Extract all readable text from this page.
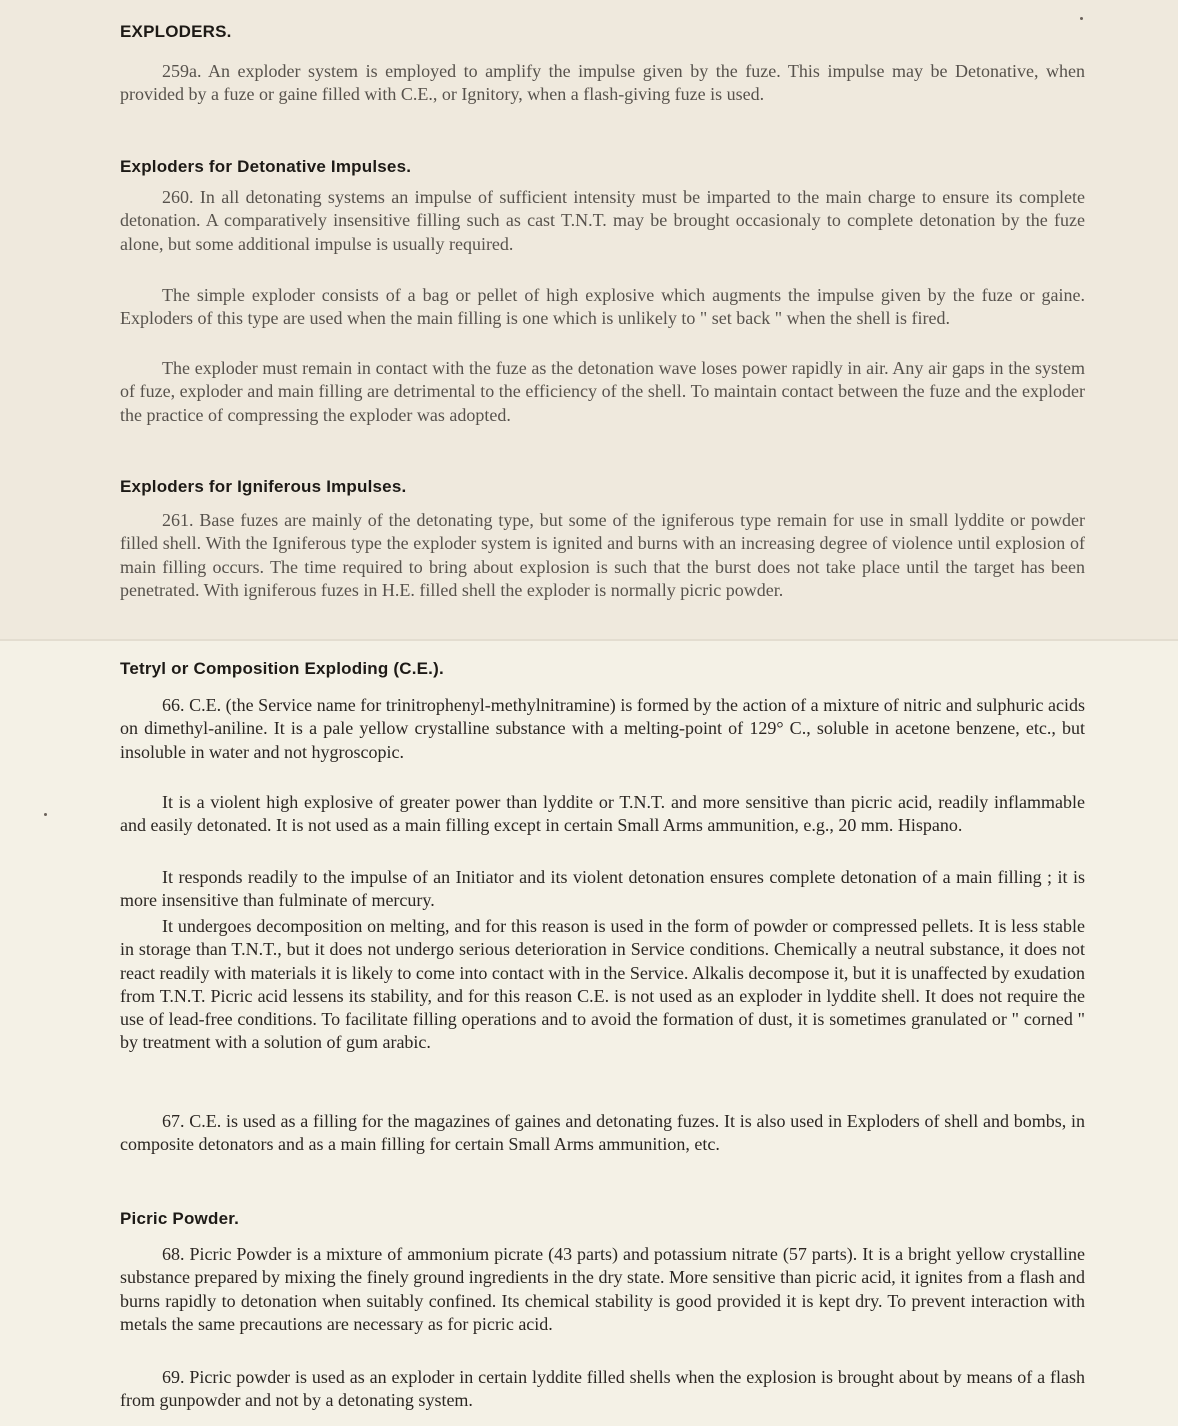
EXPLODERS.

259a. An exploder system is employed to amplify the impulse given by the fuze. This impulse may be Detonative, when provided by a fuze or gaine filled with C.E., or Ignitory, when a flash-giving fuze is used.

Exploders for Detonative Impulses.

260. In all detonating systems an impulse of sufficient intensity must be imparted to the main charge to ensure its complete detonation. A comparatively insensitive filling such as cast T.N.T. may be brought occasionaly to complete detonation by the fuze alone, but some additional impulse is usually required.

The simple exploder consists of a bag or pellet of high explosive which augments the impulse given by the fuze or gaine. Exploders of this type are used when the main filling is one which is unlikely to " set back " when the shell is fired.

The exploder must remain in contact with the fuze as the detonation wave loses power rapidly in air. Any air gaps in the system of fuze, exploder and main filling are detrimental to the efficiency of the shell. To maintain contact between the fuze and the exploder the practice of compressing the exploder was adopted.

Exploders for Igniferous Impulses.

261. Base fuzes are mainly of the detonating type, but some of the igniferous type remain for use in small lyddite or powder filled shell. With the Igniferous type the exploder system is ignited and burns with an increasing degree of violence until explosion of main filling occurs. The time required to bring about explosion is such that the burst does not take place until the target has been penetrated. With igniferous fuzes in H.E. filled shell the exploder is normally picric powder.

Tetryl or Composition Exploding (C.E.).

66. C.E. (the Service name for trinitrophenyl-methylnitramine) is formed by the action of a mixture of nitric and sulphuric acids on dimethyl-aniline. It is a pale yellow crystalline substance with a melting-point of 129° C., soluble in acetone benzene, etc., but insoluble in water and not hygroscopic.

It is a violent high explosive of greater power than lyddite or T.N.T. and more sensitive than picric acid, readily inflammable and easily detonated. It is not used as a main filling except in certain Small Arms ammunition, e.g., 20 mm. Hispano.

It responds readily to the impulse of an Initiator and its violent detonation ensures complete detonation of a main filling ; it is more insensitive than fulminate of mercury.

It undergoes decomposition on melting, and for this reason is used in the form of powder or compressed pellets. It is less stable in storage than T.N.T., but it does not undergo serious deterioration in Service conditions. Chemically a neutral substance, it does not react readily with materials it is likely to come into contact with in the Service. Alkalis decompose it, but it is unaffected by exudation from T.N.T. Picric acid lessens its stability, and for this reason C.E. is not used as an exploder in lyddite shell. It does not require the use of lead-free conditions. To facilitate filling operations and to avoid the formation of dust, it is sometimes granulated or " corned " by treatment with a solution of gum arabic.

67. C.E. is used as a filling for the magazines of gaines and detonating fuzes. It is also used in Exploders of shell and bombs, in composite detonators and as a main filling for certain Small Arms ammunition, etc.

Picric Powder.

68. Picric Powder is a mixture of ammonium picrate (43 parts) and potassium nitrate (57 parts). It is a bright yellow crystalline substance prepared by mixing the finely ground ingredients in the dry state. More sensitive than picric acid, it ignites from a flash and burns rapidly to detonation when suitably confined. Its chemical stability is good provided it is kept dry. To prevent interaction with metals the same precautions are necessary as for picric acid.

69. Picric powder is used as an exploder in certain lyddite filled shells when the explosion is brought about by means of a flash from gunpowder and not by a detonating system.
